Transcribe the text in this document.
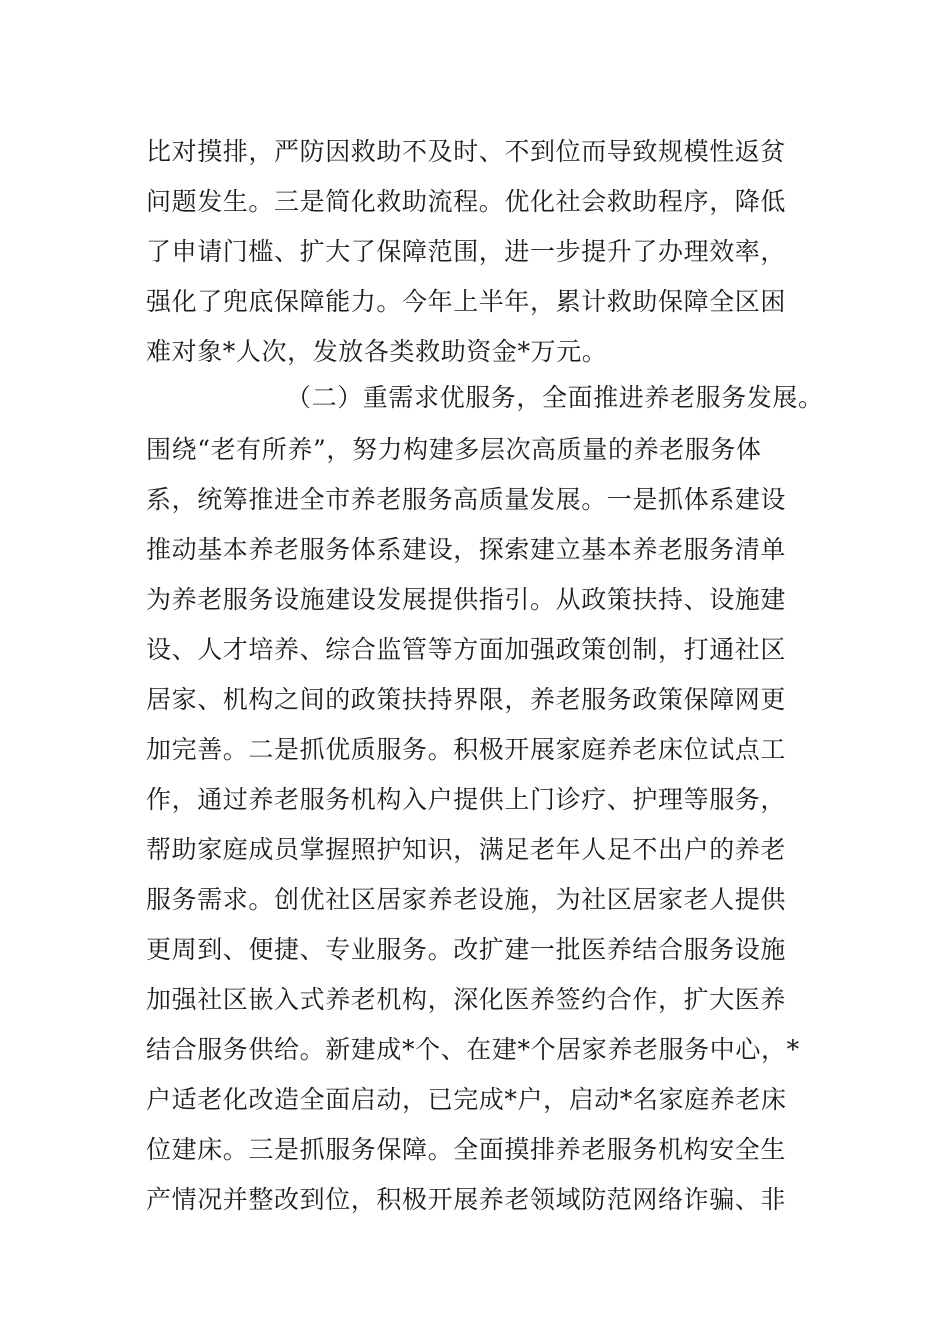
比对摸排，严防因救助不及时、不到位而导致规模性返贫
问题发生。三是简化救助流程。优化社会救助程序，降低
了申请门槛、扩大了保障范围，进一步提升了办理效率，
强化了兜底保障能力。今年上半年，累计救助保障全区困
难对象*人次，发放各类救助资金*万元。
（二）重需求优服务，全面推进养老服务发展。
围绕“老有所养”，努力构建多层次高质量的养老服务体
系，统筹推进全市养老服务高质量发展。一是抓体系建设
推动基本养老服务体系建设，探索建立基本养老服务清单
为养老服务设施建设发展提供指引。从政策扶持、设施建
设、人才培养、综合监管等方面加强政策创制，打通社区
居家、机构之间的政策扶持界限，养老服务政策保障网更
加完善。二是抓优质服务。积极开展家庭养老床位试点工
作，通过养老服务机构入户提供上门诊疗、护理等服务，
帮助家庭成员掌握照护知识，满足老年人足不出户的养老
服务需求。创优社区居家养老设施，为社区居家老人提供
更周到、便捷、专业服务。改扩建一批医养结合服务设施
加强社区嵌入式养老机构，深化医养签约合作，扩大医养
结合服务供给。新建成*个、在建*个居家养老服务中心，*
户适老化改造全面启动，已完成*户，启动*名家庭养老床
位建床。三是抓服务保障。全面摸排养老服务机构安全生
产情况并整改到位，积极开展养老领域防范网络诈骗、非
